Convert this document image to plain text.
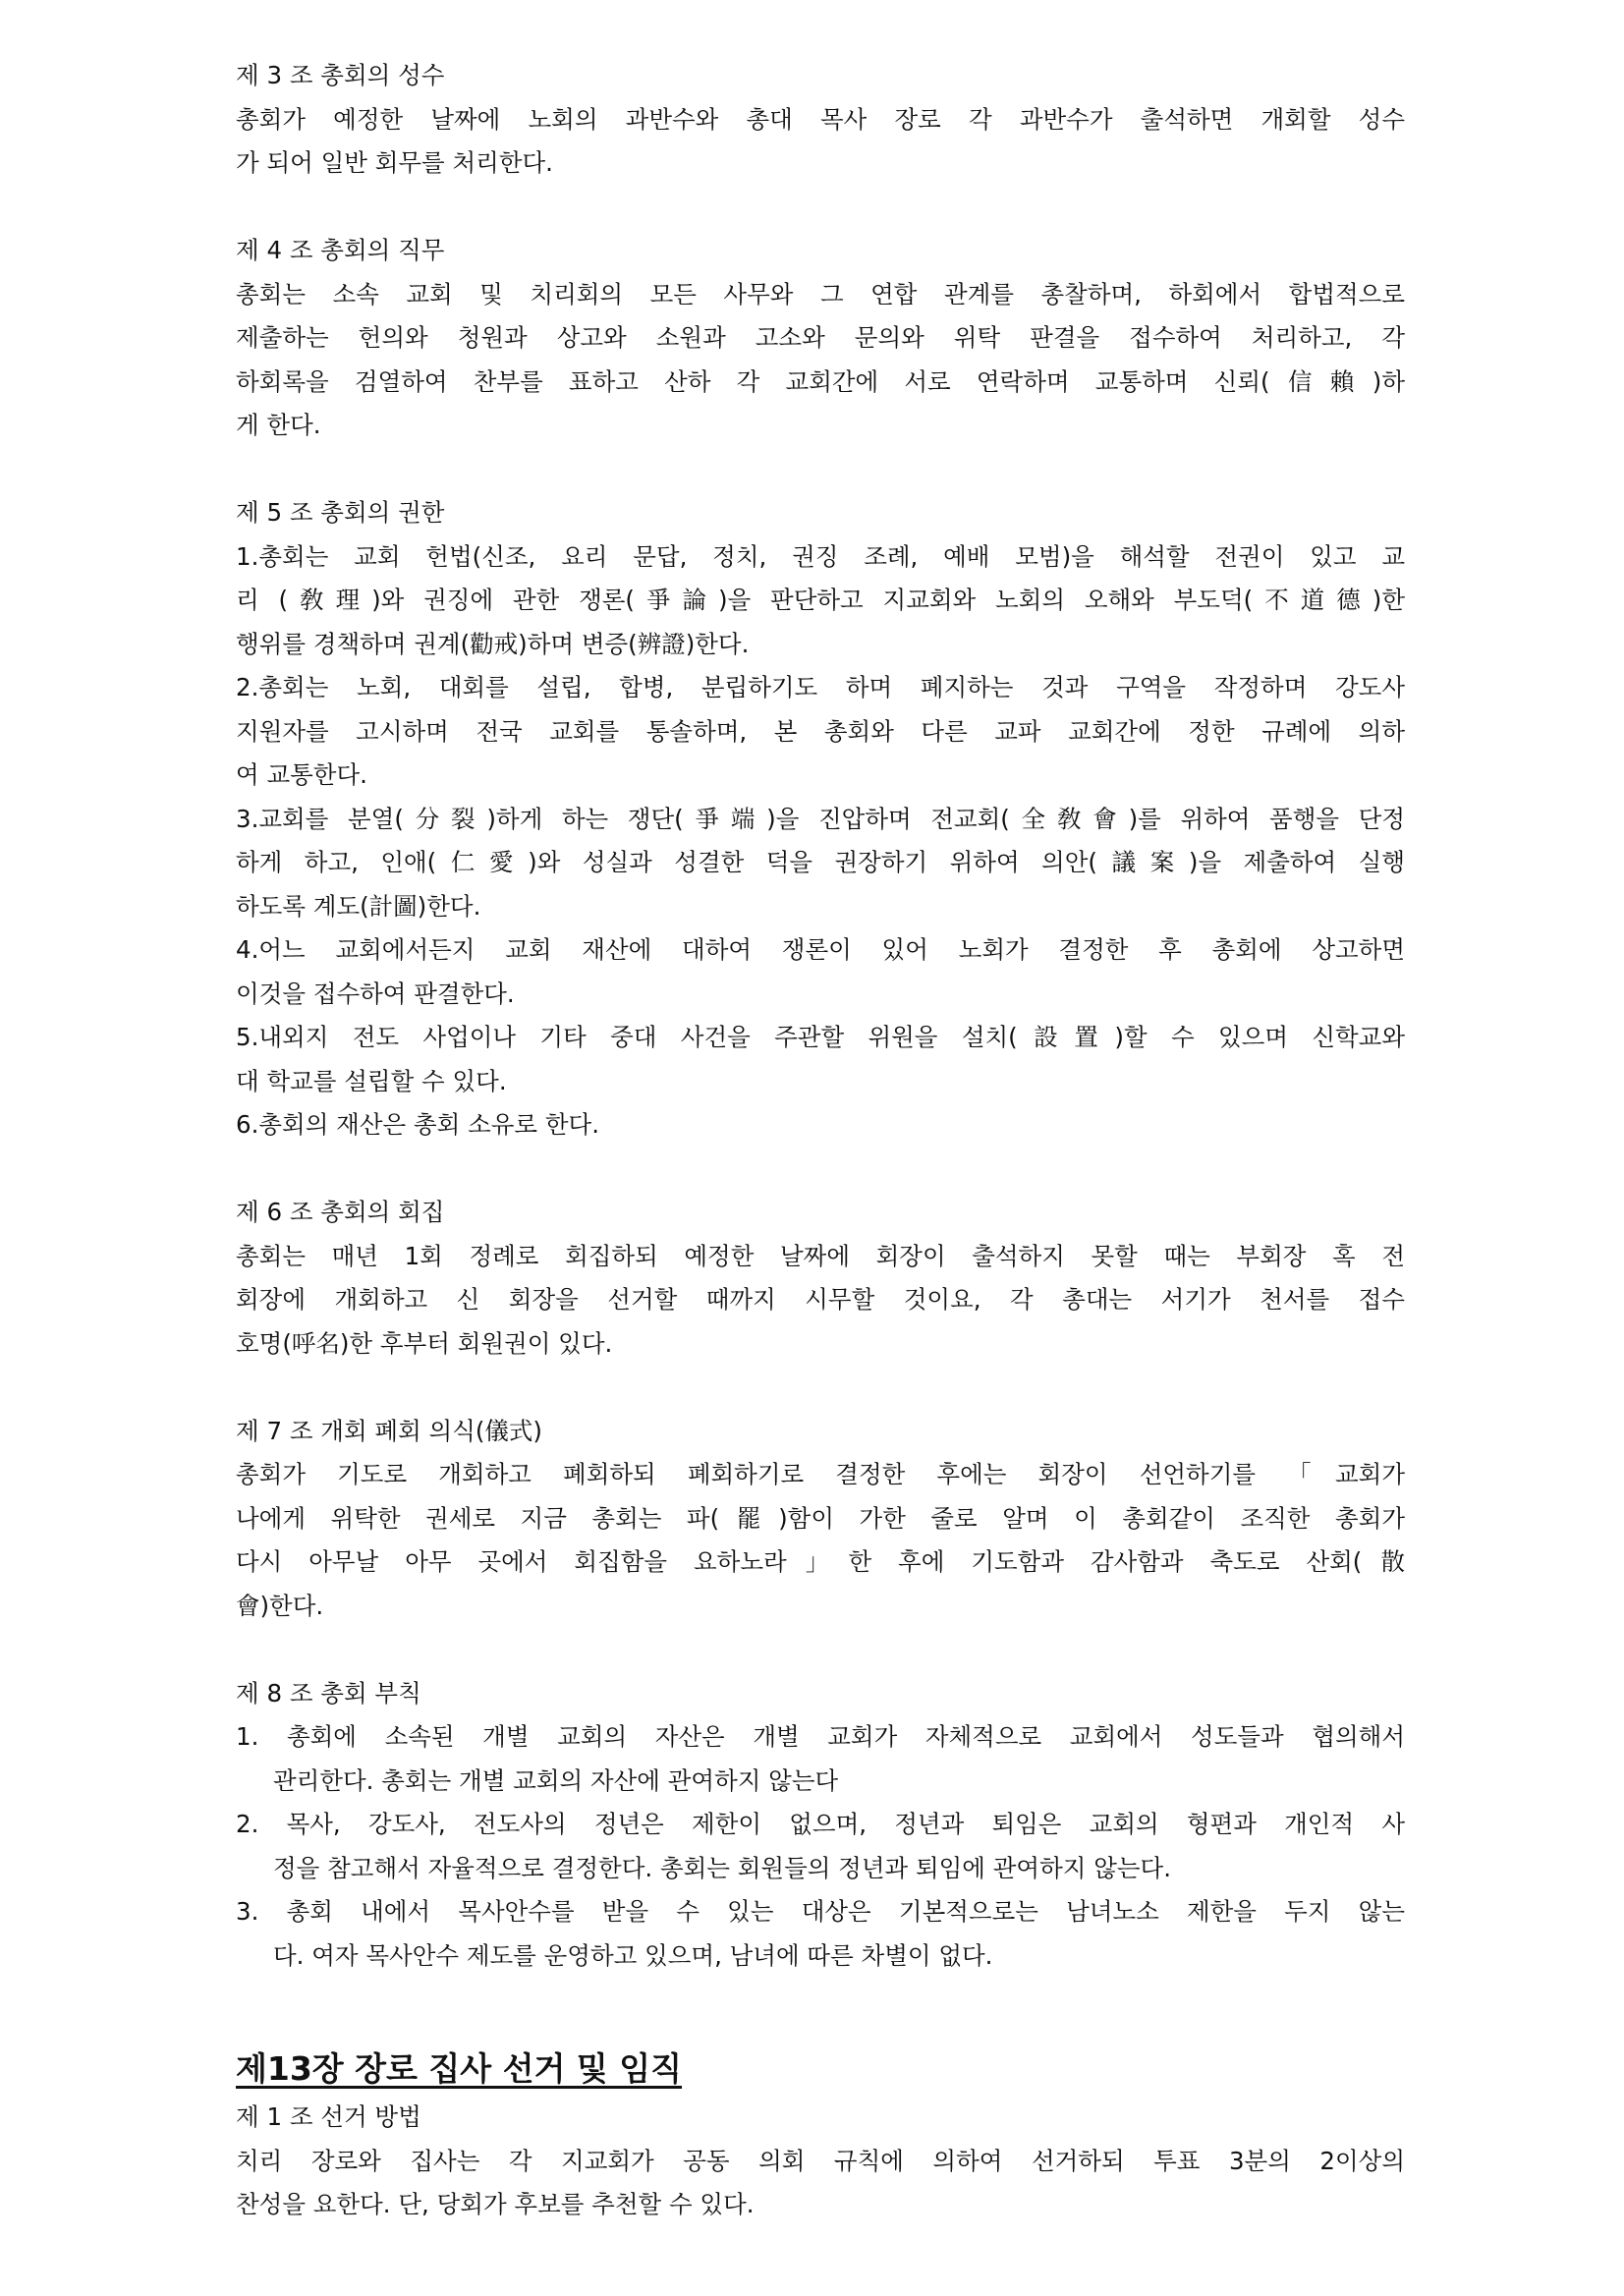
제 3 조 총회의 성수
총회가 예정한 날짜에 노회의 과반수와 총대 목사 장로 각 과반수가 출석하면 개회할 성수
가 되어 일반 회무를 처리한다.
제 4 조 총회의 직무
총회는 소속 교회 및 치리회의 모든 사무와 그 연합 관계를 총찰하며, 하회에서 합법적으로
제출하는 헌의와 청원과 상고와 소원과 고소와 문의와 위탁 판결을 접수하여 처리하고, 각
하회록을 검열하여 찬부를 표하고 산하 각 교회간에 서로 연락하며 교통하며 신뢰(信賴)하
게 한다.
제 5 조 총회의 권한
1.총회는 교회 헌법(신조, 요리 문답, 정치, 권징 조례, 예배 모범)을 해석할 전권이 있고 교
리 (敎理)와 권징에 관한 쟁론(爭論)을 판단하고 지교회와 노회의 오해와 부도덕(不道德)한
행위를 경책하며 권계(勸戒)하며 변증(辨證)한다.
2.총회는 노회, 대회를 설립, 합병, 분립하기도 하며 폐지하는 것과 구역을 작정하며 강도사
지원자를 고시하며 전국 교회를 통솔하며, 본 총회와 다른 교파 교회간에 정한 규례에 의하
여 교통한다.
3.교회를 분열(分裂)하게 하는 쟁단(爭端)을 진압하며 전교회(全敎會)를 위하여 품행을 단정
하게 하고, 인애(仁愛)와 성실과 성결한 덕을 권장하기 위하여 의안(議案)을 제출하여 실행
하도록 계도(計圖)한다.
4.어느 교회에서든지 교회 재산에 대하여 쟁론이 있어 노회가 결정한 후 총회에 상고하면
이것을 접수하여 판결한다.
5.내외지 전도 사업이나 기타 중대 사건을 주관할 위원을 설치(設置)할 수 있으며 신학교와
대 학교를 설립할 수 있다.
6.총회의 재산은 총회 소유로 한다.
제 6 조 총회의 회집
총회는 매년 1회 정례로 회집하되 예정한 날짜에 회장이 출석하지 못할 때는 부회장 혹 전
회장에 개회하고 신 회장을 선거할 때까지 시무할 것이요, 각 총대는 서기가 천서를 접수
호명(呼名)한 후부터 회원권이 있다.
제 7 조 개회 폐회 의식(儀式)
총회가 기도로 개회하고 폐회하되 폐회하기로 결정한 후에는 회장이 선언하기를 「교회가
나에게 위탁한 권세로 지금 총회는 파(罷)함이 가한 줄로 알며 이 총회같이 조직한 총회가
다시 아무날 아무 곳에서 회집함을 요하노라」한 후에 기도함과 감사함과 축도로 산회(散
會)한다.
제 8 조 총회 부칙
1. 총회에 소속된 개별 교회의 자산은 개별 교회가 자체적으로 교회에서 성도들과 협의해서
관리한다. 총회는 개별 교회의 자산에 관여하지 않는다
2. 목사, 강도사, 전도사의 정년은 제한이 없으며, 정년과 퇴임은 교회의 형편과 개인적 사
정을 참고해서 자율적으로 결정한다. 총회는 회원들의 정년과 퇴임에 관여하지 않는다.
3. 총회 내에서 목사안수를 받을 수 있는 대상은 기본적으로는 남녀노소 제한을 두지 않는
다. 여자 목사안수 제도를 운영하고 있으며, 남녀에 따른 차별이 없다.
제13장 장로 집사 선거 및 임직
제 1 조 선거 방법
치리 장로와 집사는 각 지교회가 공동 의회 규칙에 의하여 선거하되 투표 3분의 2이상의
찬성을 요한다. 단, 당회가 후보를 추천할 수 있다.
